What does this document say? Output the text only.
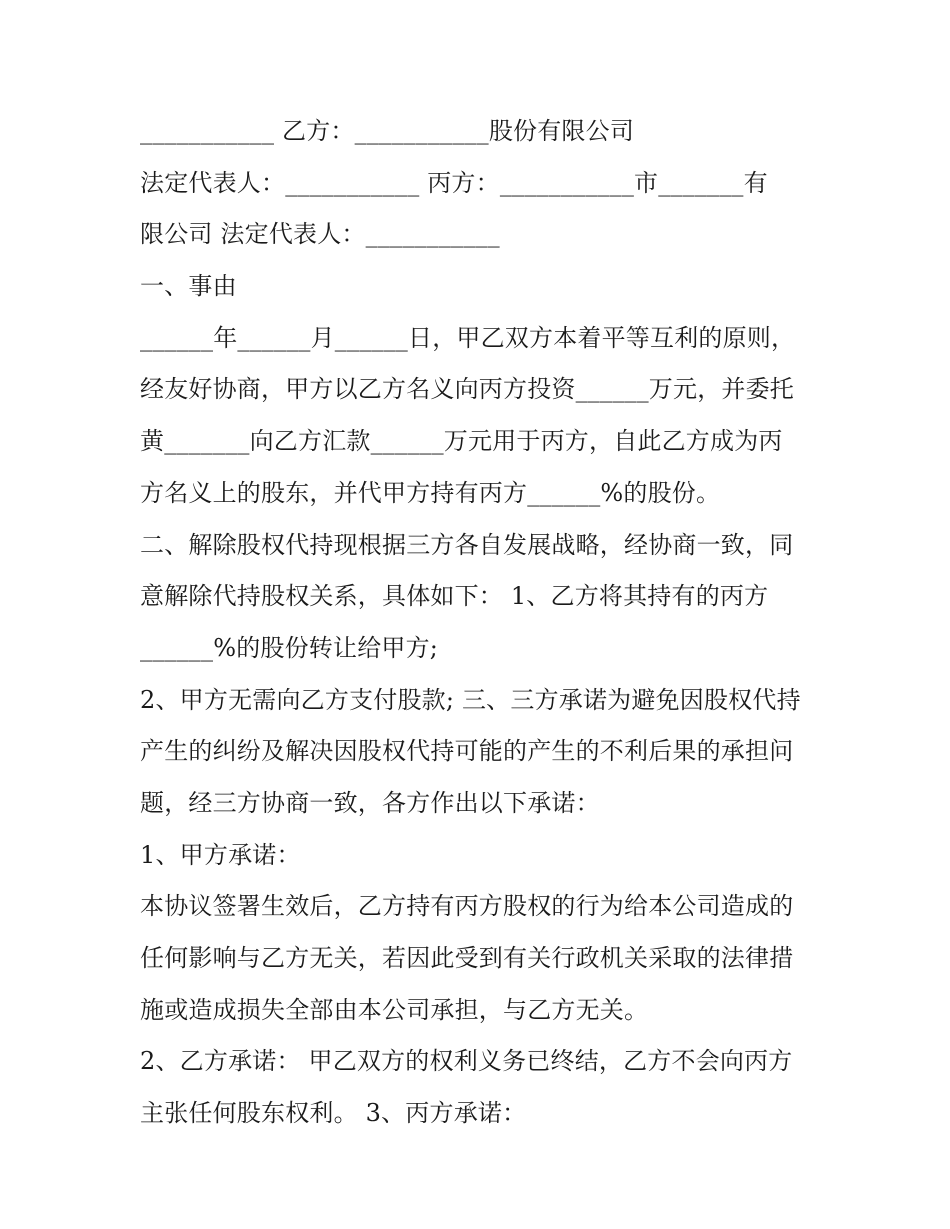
___________ 乙方：___________股份有限公司
法定代表人：___________ 丙方：___________市_______有
限公司 法定代表人：___________
一、事由
______年______月______日，甲乙双方本着平等互利的原则，
经友好协商，甲方以乙方名义向丙方投资______万元，并委托
黄_______向乙方汇款______万元用于丙方，自此乙方成为丙
方名义上的股东，并代甲方持有丙方______%的股份。
二、解除股权代持现根据三方各自发展战略，经协商一致，同
意解除代持股权关系，具体如下： 1、乙方将其持有的丙方
______%的股份转让给甲方;
2、甲方无需向乙方支付股款; 三、三方承诺为避免因股权代持
产生的纠纷及解决因股权代持可能的产生的不利后果的承担问
题，经三方协商一致，各方作出以下承诺：
1、甲方承诺：
本协议签署生效后，乙方持有丙方股权的行为给本公司造成的
任何影响与乙方无关，若因此受到有关行政机关采取的法律措
施或造成损失全部由本公司承担，与乙方无关。
2、乙方承诺： 甲乙双方的权利义务已终结，乙方不会向丙方
主张任何股东权利。 3、丙方承诺：
